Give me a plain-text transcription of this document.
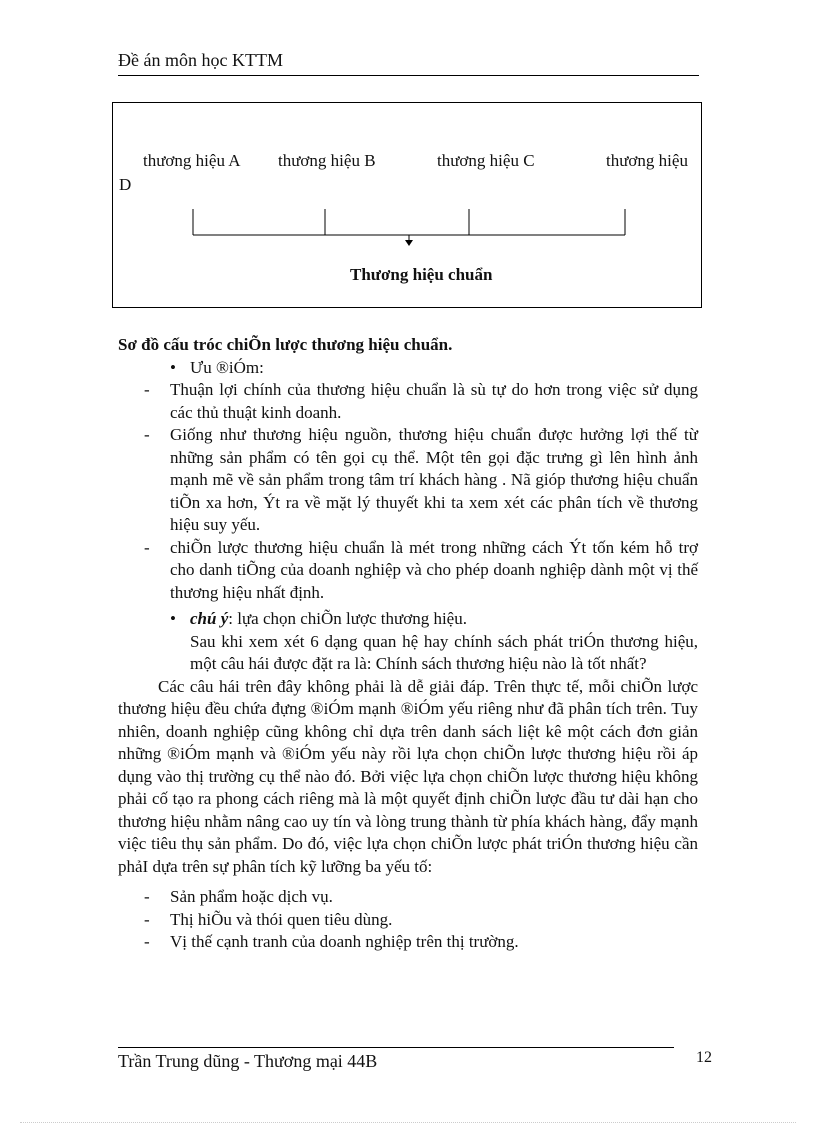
Đề án môn học KTTM
thương hiệu A thương hiệu B	thương hiệu C	thương hiệu
D
Thương hiệu chuẩn
Sơ đồ cấu tróc chiÕn lược thương hiệu chuẩn.
• Ưu ®iÓm:
- Thuận lợi chính của thương hiệu chuẩn là sù tự do hơn trong việc sử dụng các thủ thuật kinh doanh.
- Giống như thương hiệu nguồn, thương hiệu chuẩn được hưởng lợi thế từ những sản phẩm có tên gọi cụ thể. Một tên gọi đặc trưng gì lên hình ảnh mạnh mẽ về sản phẩm trong tâm trí khách hàng . Nã gióp thương hiệu chuẩn tiÕn xa hơn, Ýt ra về mặt lý thuyết khi ta xem xét các phân tích về thương hiệu suy yếu.
- chiÕn lược thương hiệu chuẩn là mét trong những cách Ýt tốn kém hỗ trợ cho danh tiÕng của doanh nghiệp và cho phép doanh nghiệp dành một vị thế thương hiệu nhất định.
• chú ý: lựa chọn chiÕn lược thương hiệu.
Sau khi xem xét 6 dạng quan hệ hay chính sách phát triÓn thương hiệu, một câu hái được đặt ra là: Chính sách thương hiệu nào là tốt nhất?
Các câu hái trên đây không phải là dễ giải đáp. Trên thực tế, mỗi chiÕn lược thương hiệu đều chứa đựng ®iÓm mạnh ®iÓm yếu riêng như đã phân tích trên. Tuy nhiên, doanh nghiệp cũng không chỉ dựa trên danh sách liệt kê một cách đơn giản những ®iÓm mạnh và ®iÓm yếu này rồi lựa chọn chiÕn lược thương hiệu rồi áp dụng vào thị trường cụ thể nào đó. Bởi việc lựa chọn chiÕn lược thương hiệu không phải cố tạo ra phong cách riêng mà là một quyết định chiÕn lược đầu tư dài hạn cho thương hiệu nhằm nâng cao uy tín và lòng trung thành từ phía khách hàng, đẩy mạnh việc tiêu thụ sản phẩm. Do đó, việc lựa chọn chiÕn lược phát triÓn thương hiệu cần phảI dựa trên sự phân tích kỹ lưỡng ba yếu tố:
- Sản phẩm hoặc dịch vụ.
- Thị hiÕu và thói quen tiêu dùng.
- Vị thế cạnh tranh của doanh nghiệp trên thị trường.
Trần Trung dũng - Thương mại 44B	12
